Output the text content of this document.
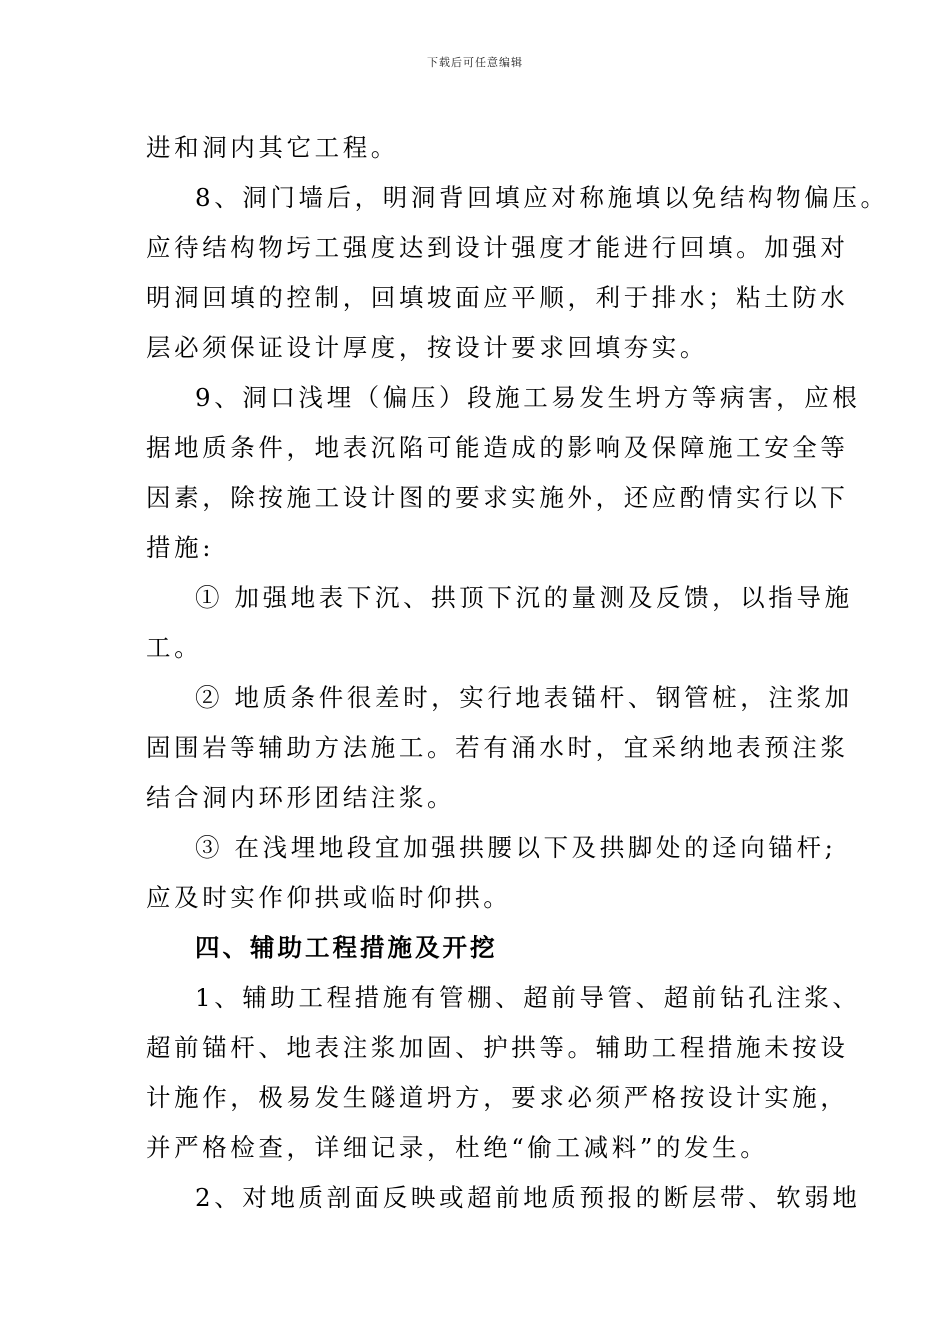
下载后可任意编辑
进和洞内其它工程。
8、洞门墙后，明洞背回填应对称施填以免结构物偏压。
应待结构物圬工强度达到设计强度才能进行回填。加强对
明洞回填的控制，回填坡面应平顺，利于排水；粘土防水
层必须保证设计厚度，按设计要求回填夯实。
9、洞口浅埋（偏压）段施工易发生坍方等病害，应根
据地质条件，地表沉陷可能造成的影响及保障施工安全等
因素，除按施工设计图的要求实施外，还应酌情实行以下
措施:
① 加强地表下沉、拱顶下沉的量测及反馈，以指导施
工。
② 地质条件很差时，实行地表锚杆、钢管桩，注浆加
固围岩等辅助方法施工。若有涌水时，宜采纳地表预注浆
结合洞内环形团结注浆。
③ 在浅埋地段宜加强拱腰以下及拱脚处的迳向锚杆;
应及时实作仰拱或临时仰拱。
四、辅助工程措施及开挖
1、辅助工程措施有管棚、超前导管、超前钻孔注浆、
超前锚杆、地表注浆加固、护拱等。辅助工程措施未按设
计施作，极易发生隧道坍方，要求必须严格按设计实施，
并严格检查，详细记录，杜绝“偷工减料”的发生。
2、对地质剖面反映或超前地质预报的断层带、软弱地
